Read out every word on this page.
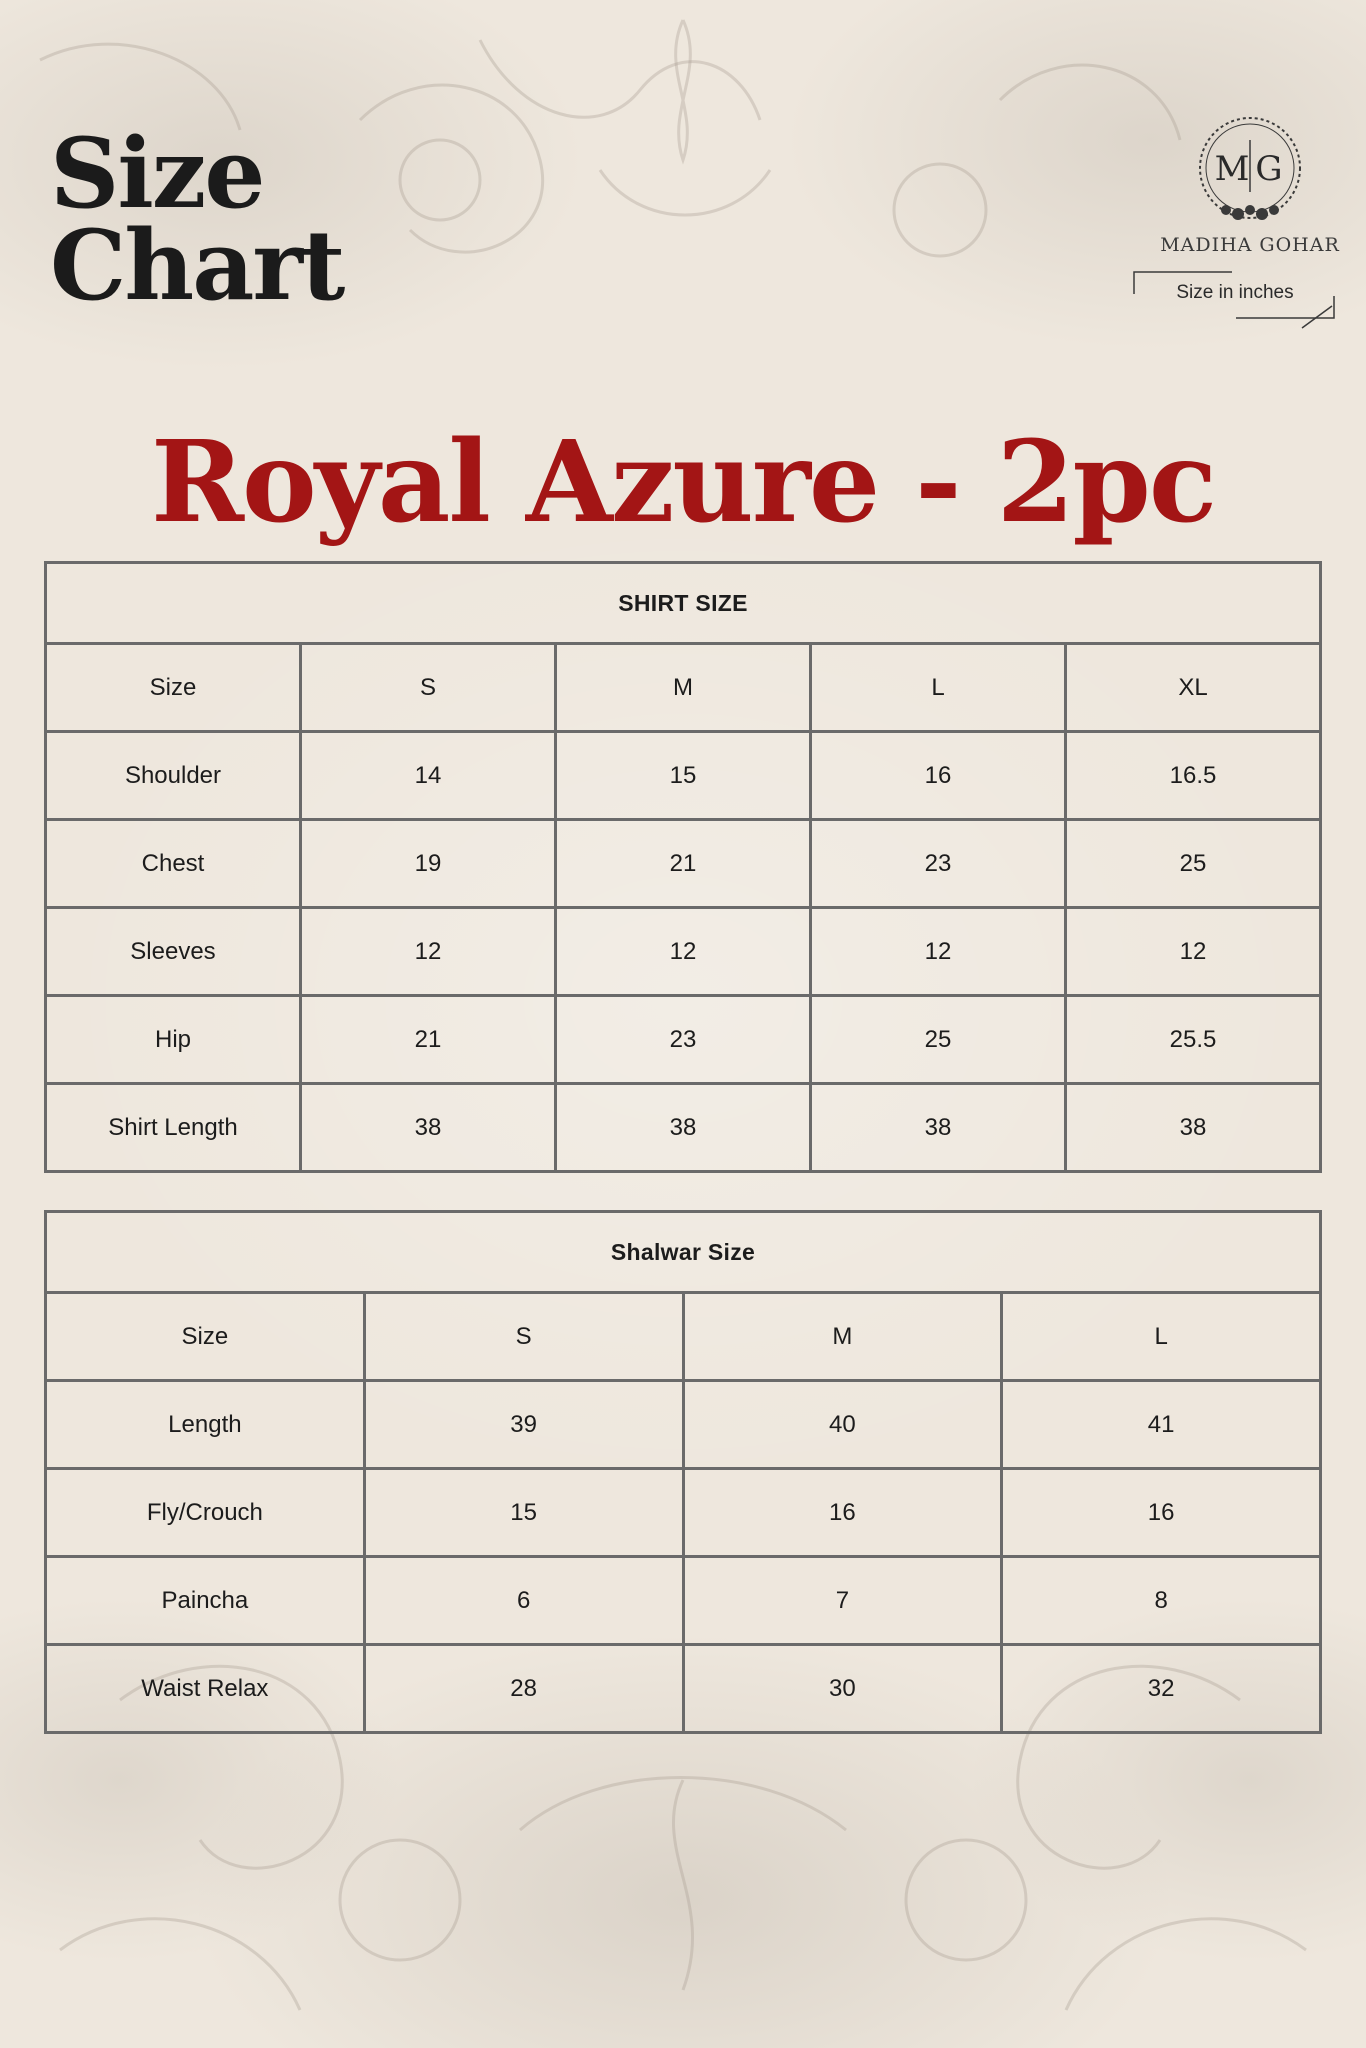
Size
Chart
M G
MADIHA GOHAR
Size in inches
Royal Azure - 2pc
SHIRT SIZE				
Size	S	M	L	XL
Shoulder	14	15	16	16.5
Chest	19	21	23	25
Sleeves	12	12	12	12
Hip	21	23	25	25.5
Shirt Length	38	38	38	38
Shalwar Size			
Size	S	M	L
Length	39	40	41
Fly/Crouch	15	16	16
Paincha	6	7	8
Waist Relax	28	30	32
